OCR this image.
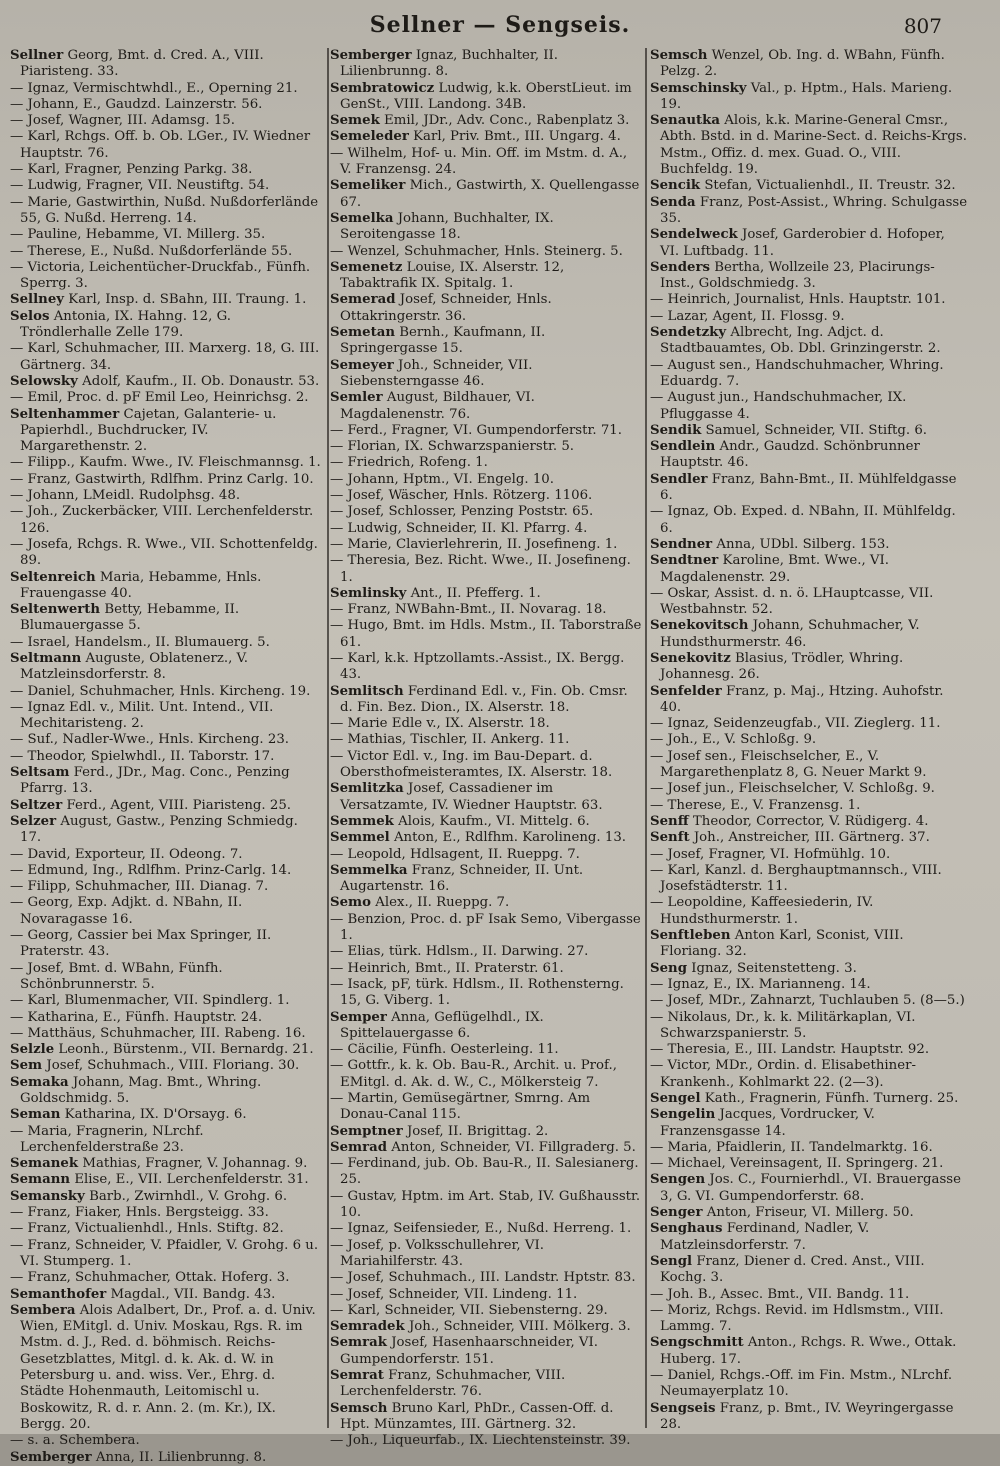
Sellner — Sengseis.	807
Sellner Georg, Bmt. d. Cred. A., VIII. Piaristeng. 33.
— Ignaz, Vermischtwhdl., E., Operning 21.
— Johann, E., Gaudzd. Lainzerstr. 56.
— Josef, Wagner, III. Adamsg. 15.
— Karl, Rchgs. Off. b. Ob. LGer., IV. Wiedner Hauptstr. 76.
— Karl, Fragner, Penzing Parkg. 38.
— Ludwig, Fragner, VII. Neustiftg. 54.
— Marie, Gastwirthin, Nußd. Nußdorferlände 55, G. Nußd. Herreng. 14.
— Pauline, Hebamme, VI. Millerg. 35.
— Therese, E., Nußd. Nußdorferlände 55.
— Victoria, Leichentücher-Druckfab., Fünfh. Sperrg. 3.
Sellney Karl, Insp. d. SBahn, III. Traung. 1.
Selos Antonia, IX. Hahng. 12, G. Tröndlerhalle Zelle 179.
— Karl, Schuhmacher, III. Marxerg. 18, G. III. Gärtnerg. 34.
Selowsky Adolf, Kaufm., II. Ob. Donaustr. 53.
— Emil, Proc. d. pF Emil Leo, Heinrichsg. 2.
Seltenhammer Cajetan, Galanterie- u. Papierhdl., Buchdrucker, IV. Margarethenstr. 2.
— Filipp., Kaufm. Wwe., IV. Fleischmannsg. 1.
— Franz, Gastwirth, Rdlfhm. Prinz Carlg. 10.
— Johann, LMeidl. Rudolphsg. 48.
— Joh., Zuckerbäcker, VIII. Lerchenfelderstr. 126.
— Josefa, Rchgs. R. Wwe., VII. Schottenfeldg. 89.
Seltenreich Maria, Hebamme, Hnls. Frauengasse 40.
Seltenwerth Betty, Hebamme, II. Blumauergasse 5.
— Israel, Handelsm., II. Blumauerg. 5.
Seltmann Auguste, Oblatenerz., V. Matzleinsdorferstr. 8.
— Daniel, Schuhmacher, Hnls. Kircheng. 19.
— Ignaz Edl. v., Milit. Unt. Intend., VII. Mechitaristeng. 2.
— Suf., Nadler-Wwe., Hnls. Kircheng. 23.
— Theodor, Spielwhdl., II. Taborstr. 17.
Seltsam Ferd., JDr., Mag. Conc., Penzing Pfarrg. 13.
Seltzer Ferd., Agent, VIII. Piaristeng. 25.
Selzer August, Gastw., Penzing Schmiedg. 17.
— David, Exporteur, II. Odeong. 7.
— Edmund, Ing., Rdlfhm. Prinz-Carlg. 14.
— Filipp, Schuhmacher, III. Dianag. 7.
— Georg, Exp. Adjkt. d. NBahn, II. Novaragasse 16.
— Georg, Cassier bei Max Springer, II. Praterstr. 43.
— Josef, Bmt. d. WBahn, Fünfh. Schönbrunnerstr. 5.
— Karl, Blumenmacher, VII. Spindlerg. 1.
— Katharina, E., Fünfh. Hauptstr. 24.
— Matthäus, Schuhmacher, III. Rabeng. 16.
Selzle Leonh., Bürstenm., VII. Bernardg. 21.
Sem Josef, Schuhmach., VIII. Floriang. 30.
Semaka Johann, Mag. Bmt., Whring. Goldschmidg. 5.
Seman Katharina, IX. D'Orsayg. 6.
— Maria, Fragnerin, NLrchf. Lerchenfelderstraße 23.
Semanek Mathias, Fragner, V. Johannag. 9.
Semann Elise, E., VII. Lerchenfelderstr. 31.
Semansky Barb., Zwirnhdl., V. Grohg. 6.
— Franz, Fiaker, Hnls. Bergsteigg. 33.
— Franz, Victualienhdl., Hnls. Stiftg. 82.
— Franz, Schneider, V. Pfaidler, V. Grohg. 6 u. VI. Stumperg. 1.
— Franz, Schuhmacher, Ottak. Hoferg. 3.
Semanthofer Magdal., VII. Bandg. 43.
Sembera Alois Adalbert, Dr., Prof. a. d. Univ. Wien, EMitgl. d. Univ. Moskau, Rgs. R. im Mstm. d. J., Red. d. böhmisch. Reichs-Gesetzblattes, Mitgl. d. k. Ak. d. W. in Petersburg u. and. wiss. Ver., Ehrg. d. Städte Hohenmauth, Leitomischl u. Boskowitz, R. d. r. Ann. 2. (m. Kr.), IX. Bergg. 20.
— s. a. Schembera.
Semberger Anna, II. Lilienbrunng. 8.
Semberger Ignaz, Buchhalter, II. Lilienbrunng. 8.
Sembratowicz Ludwig, k.k. OberstLieut. im GenSt., VIII. Landong. 34B.
Semek Emil, JDr., Adv. Conc., Rabenplatz 3.
Semeleder Karl, Priv. Bmt., III. Ungarg. 4.
— Wilhelm, Hof- u. Min. Off. im Mstm. d. A., V. Franzensg. 24.
Semeliker Mich., Gastwirth, X. Quellengasse 67.
Semelka Johann, Buchhalter, IX. Seroitengasse 18.
— Wenzel, Schuhmacher, Hnls. Steinerg. 5.
Semenetz Louise, IX. Alserstr. 12, Tabaktrafik IX. Spitalg. 1.
Semerad Josef, Schneider, Hnls. Ottakringerstr. 36.
Semetan Bernh., Kaufmann, II. Springergasse 15.
Semeyer Joh., Schneider, VII. Siebensterngasse 46.
Semler August, Bildhauer, VI. Magdalenenstr. 76.
— Ferd., Fragner, VI. Gumpendorferstr. 71.
— Florian, IX. Schwarzspanierstr. 5.
— Friedrich, Rofeng. 1.
— Johann, Hptm., VI. Engelg. 10.
— Josef, Wäscher, Hnls. Rötzerg. 1106.
— Josef, Schlosser, Penzing Poststr. 65.
— Ludwig, Schneider, II. Kl. Pfarrg. 4.
— Marie, Clavierlehrerin, II. Josefineng. 1.
— Theresia, Bez. Richt. Wwe., II. Josefineng. 1.
Semlinsky Ant., II. Pfefferg. 1.
— Franz, NWBahn-Bmt., II. Novarag. 18.
— Hugo, Bmt. im Hdls. Mstm., II. Taborstraße 61.
— Karl, k.k. Hptzollamts.-Assist., IX. Bergg. 43.
Semlitsch Ferdinand Edl. v., Fin. Ob. Cmsr. d. Fin. Bez. Dion., IX. Alserstr. 18.
— Marie Edle v., IX. Alserstr. 18.
— Mathias, Tischler, II. Ankerg. 11.
— Victor Edl. v., Ing. im Bau-Depart. d. Obersthofmeisteramtes, IX. Alserstr. 18.
Semlitzka Josef, Cassadiener im Versatzamte, IV. Wiedner Hauptstr. 63.
Semmek Alois, Kaufm., VI. Mittelg. 6.
Semmel Anton, E., Rdlfhm. Karolineng. 13.
— Leopold, Hdlsagent, II. Rueppg. 7.
Semmelka Franz, Schneider, II. Unt. Augartenstr. 16.
Semo Alex., II. Rueppg. 7.
— Benzion, Proc. d. pF Isak Semo, Vibergasse 1.
— Elias, türk. Hdlsm., II. Darwing. 27.
— Heinrich, Bmt., II. Praterstr. 61.
— Isack, pF, türk. Hdlsm., II. Rothensterng. 15, G. Viberg. 1.
Semper Anna, Geflügelhdl., IX. Spittelauergasse 6.
— Cäcilie, Fünfh. Oesterleing. 11.
— Gottfr., k. k. Ob. Bau-R., Archit. u. Prof., EMitgl. d. Ak. d. W., C., Mölkersteig 7.
— Martin, Gemüsegärtner, Smrng. Am Donau-Canal 115.
Semptner Josef, II. Brigittag. 2.
Semrad Anton, Schneider, VI. Fillgraderg. 5.
— Ferdinand, jub. Ob. Bau-R., II. Salesianerg. 25.
— Gustav, Hptm. im Art. Stab, IV. Gußhausstr. 10.
— Ignaz, Seifensieder, E., Nußd. Herreng. 1.
— Josef, p. Volksschullehrer, VI. Mariahilferstr. 43.
— Josef, Schuhmach., III. Landstr. Hptstr. 83.
— Josef, Schneider, VII. Lindeng. 11.
— Karl, Schneider, VII. Siebensterng. 29.
Semradek Joh., Schneider, VIII. Mölkerg. 3.
Semrak Josef, Hasenhaarschneider, VI. Gumpendorferstr. 151.
Semrat Franz, Schuhmacher, VIII. Lerchenfelderstr. 76.
Semsch Bruno Karl, PhDr., Cassen-Off. d. Hpt. Münzamtes, III. Gärtnerg. 32.
— Joh., Liqueurfab., IX. Liechtensteinstr. 39.
Semsch Wenzel, Ob. Ing. d. WBahn, Fünfh. Pelzg. 2.
Semschinsky Val., p. Hptm., Hals. Marieng. 19.
Senautka Alois, k.k. Marine-General Cmsr., Abth. Bstd. in d. Marine-Sect. d. Reichs-Krgs. Mstm., Offiz. d. mex. Guad. O., VIII. Buchfeldg. 19.
Sencik Stefan, Victualienhdl., II. Treustr. 32.
Senda Franz, Post-Assist., Whring. Schulgasse 35.
Sendelweck Josef, Garderobier d. Hofoper, VI. Luftbadg. 11.
Senders Bertha, Wollzeile 23, Placirungs-Inst., Goldschmiedg. 3.
— Heinrich, Journalist, Hnls. Hauptstr. 101.
— Lazar, Agent, II. Flossg. 9.
Sendetzky Albrecht, Ing. Adjct. d. Stadtbauamtes, Ob. Dbl. Grinzingerstr. 2.
— August sen., Handschuhmacher, Whring. Eduardg. 7.
— August jun., Handschuhmacher, IX. Pfluggasse 4.
Sendik Samuel, Schneider, VII. Stiftg. 6.
Sendlein Andr., Gaudzd. Schönbrunner Hauptstr. 46.
Sendler Franz, Bahn-Bmt., II. Mühlfeldgasse 6.
— Ignaz, Ob. Exped. d. NBahn, II. Mühlfeldg. 6.
Sendner Anna, UDbl. Silberg. 153.
Sendtner Karoline, Bmt. Wwe., VI. Magdalenenstr. 29.
— Oskar, Assist. d. n. ö. LHauptcasse, VII. Westbahnstr. 52.
Senekovitsch Johann, Schuhmacher, V. Hundsthurmerstr. 46.
Senekovitz Blasius, Trödler, Whring. Johannesg. 26.
Senfelder Franz, p. Maj., Htzing. Auhofstr. 40.
— Ignaz, Seidenzeugfab., VII. Zieglerg. 11.
— Joh., E., V. Schloßg. 9.
— Josef sen., Fleischselcher, E., V. Margarethenplatz 8, G. Neuer Markt 9.
— Josef jun., Fleischselcher, V. Schloßg. 9.
— Therese, E., V. Franzensg. 1.
Senff Theodor, Corrector, V. Rüdigerg. 4.
Senft Joh., Anstreicher, III. Gärtnerg. 37.
— Josef, Fragner, VI. Hofmühlg. 10.
— Karl, Kanzl. d. Berghauptmannsch., VIII. Josefstädterstr. 11.
— Leopoldine, Kaffeesiederin, IV. Hundsthurmerstr. 1.
Senftleben Anton Karl, Sconist, VIII. Floriang. 32.
Seng Ignaz, Seitenstetteng. 3.
— Ignaz, E., IX. Marianneng. 14.
— Josef, MDr., Zahnarzt, Tuchlauben 5. (8—5.)
— Nikolaus, Dr., k. k. Militärkaplan, VI. Schwarzspanierstr. 5.
— Theresia, E., III. Landstr. Hauptstr. 92.
— Victor, MDr., Ordin. d. Elisabethiner-Krankenh., Kohlmarkt 22. (2—3).
Sengel Kath., Fragnerin, Fünfh. Turnerg. 25.
Sengelin Jacques, Vordrucker, V. Franzensgasse 14.
— Maria, Pfaidlerin, II. Tandelmarktg. 16.
— Michael, Vereinsagent, II. Springerg. 21.
Sengen Jos. C., Fournierhdl., VI. Brauergasse 3, G. VI. Gumpendorferstr. 68.
Senger Anton, Friseur, VI. Millerg. 50.
Senghaus Ferdinand, Nadler, V. Matzleinsdorferstr. 7.
Sengl Franz, Diener d. Cred. Anst., VIII. Kochg. 3.
— Joh. B., Assec. Bmt., VII. Bandg. 11.
— Moriz, Rchgs. Revid. im Hdlsmstm., VIII. Lammg. 7.
Sengschmitt Anton., Rchgs. R. Wwe., Ottak. Huberg. 17.
— Daniel, Rchgs.-Off. im Fin. Mstm., NLrchf. Neumayerplatz 10.
Sengseis Franz, p. Bmt., IV. Weyringergasse 28.
